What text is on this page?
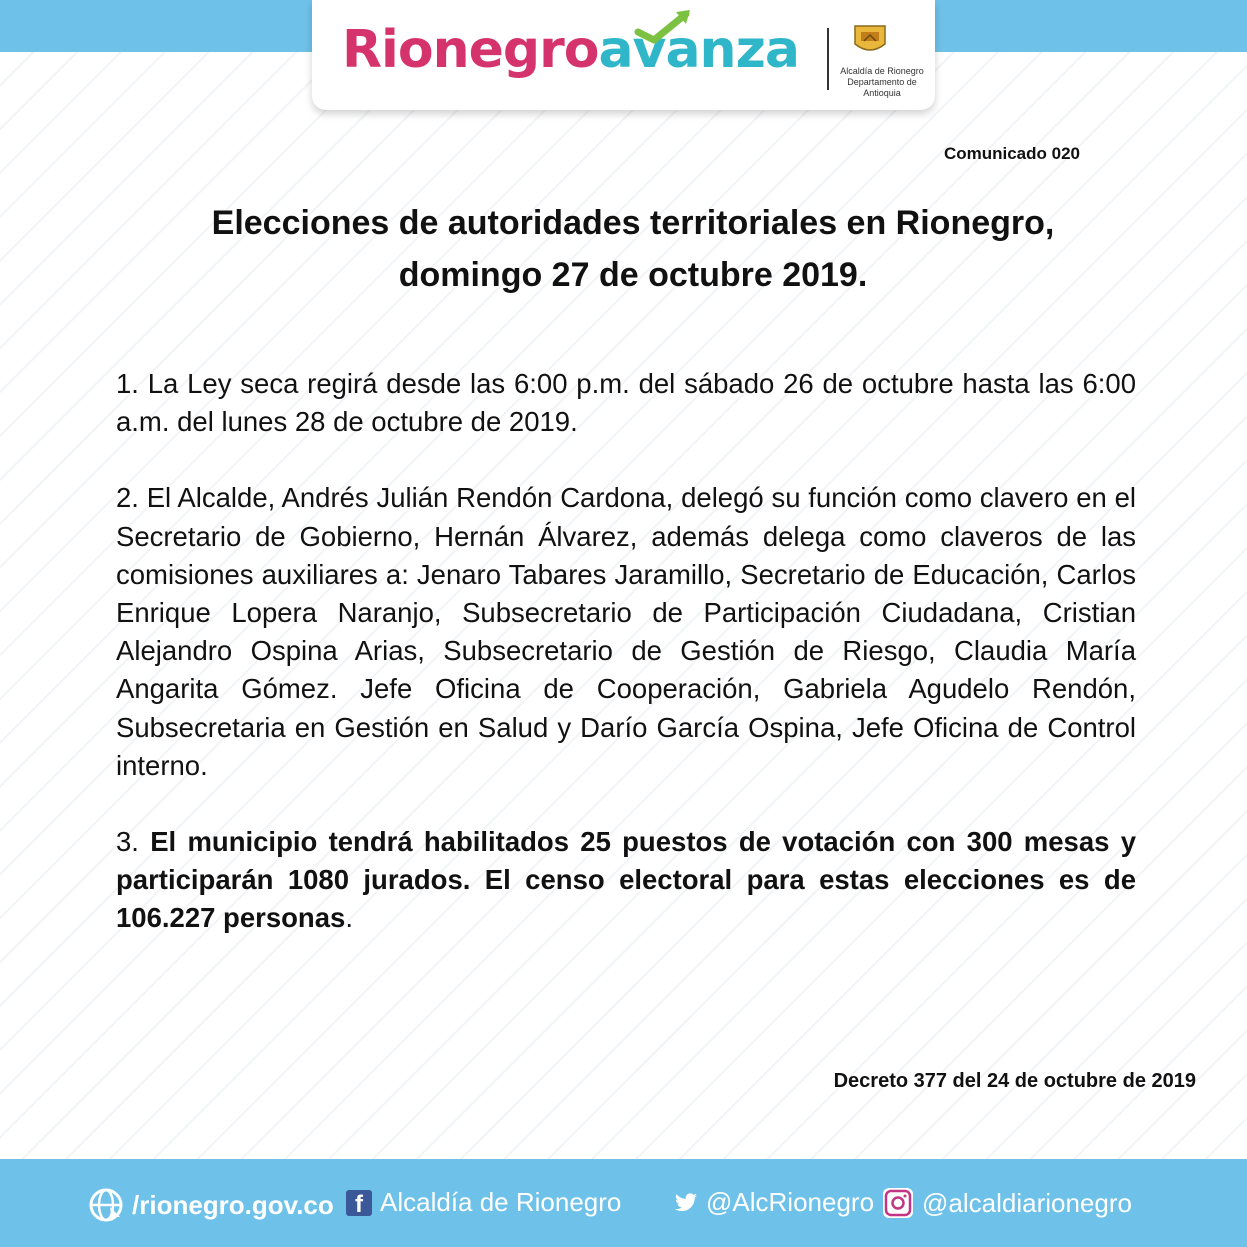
Rionegroavanza	Alcaldía de Rionegro
Departamento de Antioquia
Comunicado 020
Elecciones de autoridades territoriales en Rionegro,
domingo 27 de octubre 2019.

1. La Ley seca regirá desde las 6:00 p.m. del sábado 26 de octubre hasta las 6:00 a.m. del lunes 28 de octubre de 2019.

2. El Alcalde, Andrés Julián Rendón Cardona, delegó su función como clavero en el Secretario de Gobierno, Hernán Álvarez, además delega como claveros de las comisiones auxiliares a: Jenaro Tabares Jaramillo, Secretario de Educación, Carlos Enrique Lopera Naranjo, Subsecretario de Participación Ciudadana, Cristian Alejandro Ospina Arias, Subsecretario de Gestión de Riesgo, Claudia María Angarita Gómez. Jefe Oficina de Cooperación, Gabriela Agudelo Rendón, Subsecretaria en Gestión en Salud y Darío García Ospina, Jefe Oficina de Control interno.

3. El municipio tendrá habilitados 25 puestos de votación con 300 mesas y participarán 1080 jurados. El censo electoral para estas elecciones es de 106.227 personas.

Decreto 377 del 24 de octubre de 2019
/rionegro.gov.co f Alcaldía de Rionegro	@AlcRionegro @alcaldiarionegro
